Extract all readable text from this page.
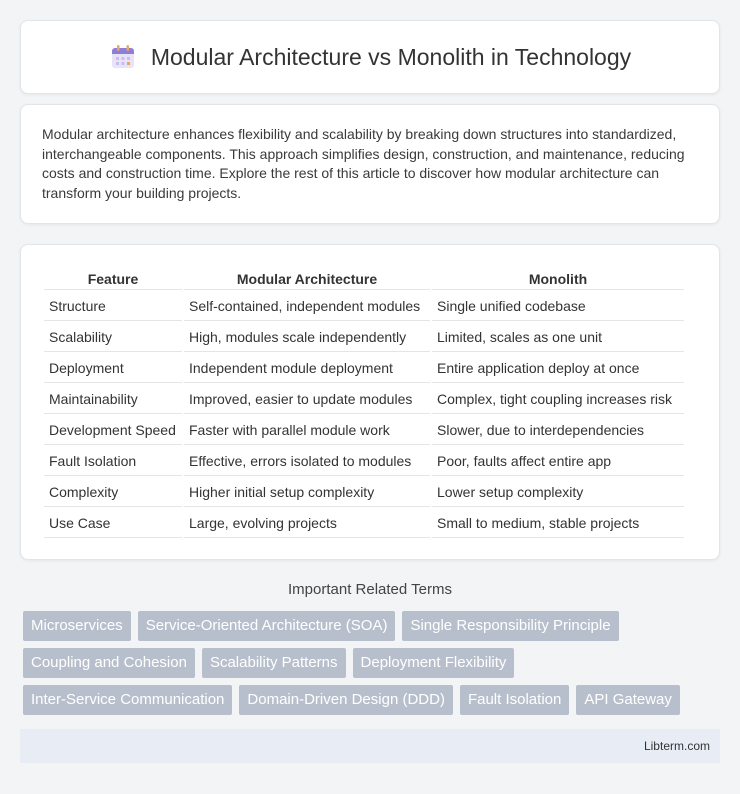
Modular Architecture vs Monolith in Technology

Modular architecture enhances flexibility and scalability by breaking down structures into standardized, interchangeable components. This approach simplifies design, construction, and maintenance, reducing costs and construction time. Explore the rest of this article to discover how modular architecture can transform your building projects.

Feature	Modular Architecture	Monolith
Structure	Self-contained, independent modules	Single unified codebase
Scalability	High, modules scale independently	Limited, scales as one unit
Deployment	Independent module deployment	Entire application deploy at once
Maintainability	Improved, easier to update modules	Complex, tight coupling increases risk
Development Speed	Faster with parallel module work	Slower, due to interdependencies
Fault Isolation	Effective, errors isolated to modules	Poor, faults affect entire app
Complexity	Higher initial setup complexity	Lower setup complexity
Use Case	Large, evolving projects	Small to medium, stable projects
Important Related Terms
Microservices	Service-Oriented Architecture (SOA)	Single Responsibility Principle
Coupling and Cohesion	Scalability Patterns	Deployment Flexibility
Inter-Service Communication	Domain-Driven Design (DDD)	Fault Isolation	API Gateway
Libterm.com
